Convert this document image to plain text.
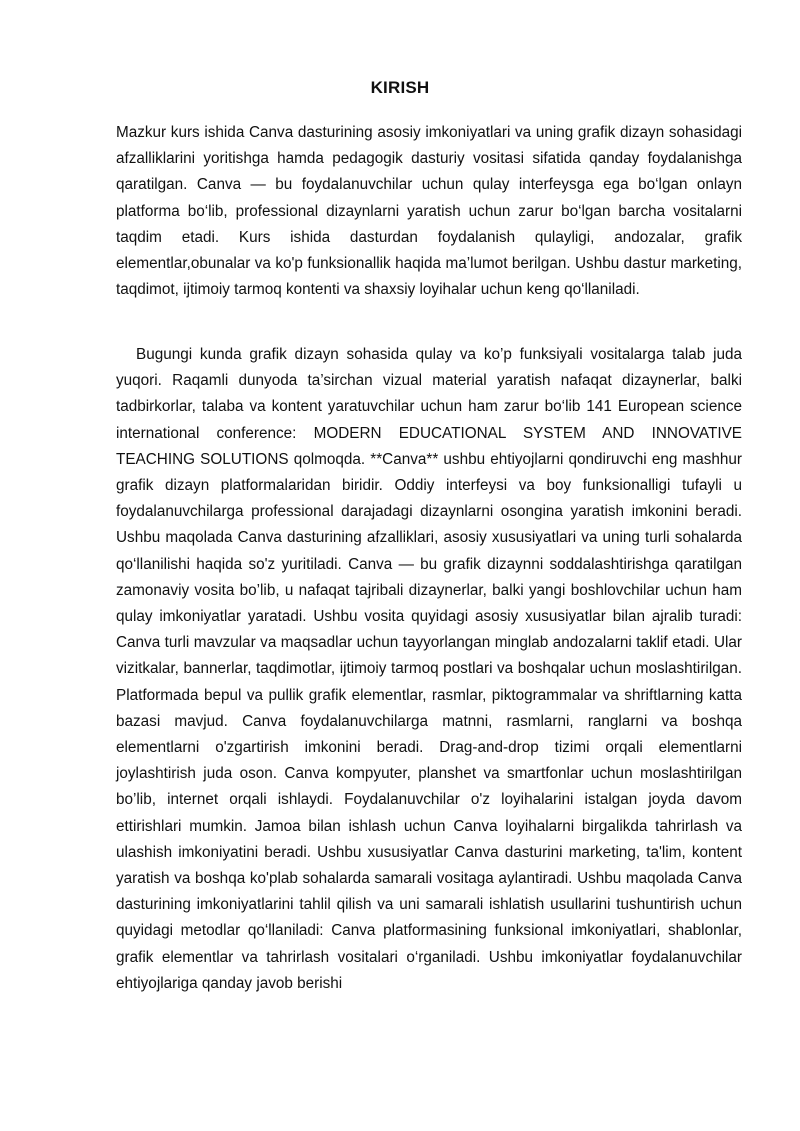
KIRISH

Mazkur kurs ishida Canva dasturining asosiy imkoniyatlari va uning grafik dizayn sohasidagi afzalliklarini yoritishga hamda pedagogik dasturiy vositasi sifatida qanday foydalanishga qaratilgan. Canva — bu foydalanuvchilar uchun qulay interfeysga ega bo‘lgan onlayn platforma bo‘lib, professional dizaynlarni yaratish uchun zarur bo‘lgan barcha vositalarni taqdim etadi. Kurs ishida dasturdan foydalanish qulayligi, andozalar, grafik elementlar,obunalar va ko'p funksionallik haqida ma’lumot berilgan. Ushbu dastur marketing, taqdimot, ijtimoiy tarmoq kontenti va shaxsiy loyihalar uchun keng qo‘llaniladi.

Bugungi kunda grafik dizayn sohasida qulay va ko’p funksiyali vositalarga talab juda yuqori. Raqamli dunyoda ta’sirchan vizual material yaratish nafaqat dizaynerlar, balki tadbirkorlar, talaba va kontent yaratuvchilar uchun ham zarur bo‘lib 141 European science international conference: MODERN EDUCATIONAL SYSTEM AND INNOVATIVE TEACHING SOLUTIONS qolmoqda. **Canva** ushbu ehtiyojlarni qondiruvchi eng mashhur grafik dizayn platformalaridan biridir. Oddiy interfeysi va boy funksionalligi tufayli u foydalanuvchilarga professional darajadagi dizaynlarni osongina yaratish imkonini beradi. Ushbu maqolada Canva dasturining afzalliklari, asosiy xususiyatlari va uning turli sohalarda qo‘llanilishi haqida so'z yuritiladi. Canva — bu grafik dizaynni soddalashtirishga qaratilgan zamonaviy vosita bo’lib, u nafaqat tajribali dizaynerlar, balki yangi boshlovchilar uchun ham qulay imkoniyatlar yaratadi. Ushbu vosita quyidagi asosiy xususiyatlar bilan ajralib turadi: Canva turli mavzular va maqsadlar uchun tayyorlangan minglab andozalarni taklif etadi. Ular vizitkalar, bannerlar, taqdimotlar, ijtimoiy tarmoq postlari va boshqalar uchun moslashtirilgan. Platformada bepul va pullik grafik elementlar, rasmlar, piktogrammalar va shriftlarning katta bazasi mavjud. Canva foydalanuvchilarga matnni, rasmlarni, ranglarni va boshqa elementlarni o'zgartirish imkonini beradi. Drag-and-drop tizimi orqali elementlarni joylashtirish juda oson. Canva kompyuter, planshet va smartfonlar uchun moslashtirilgan bo’lib, internet orqali ishlaydi. Foydalanuvchilar o'z loyihalarini istalgan joyda davom ettirishlari mumkin. Jamoa bilan ishlash uchun Canva loyihalarni birgalikda tahrirlash va ulashish imkoniyatini beradi. Ushbu xususiyatlar Canva dasturini marketing, ta'lim, kontent yaratish va boshqa ko'plab sohalarda samarali vositaga aylantiradi. Ushbu maqolada Canva dasturining imkoniyatlarini tahlil qilish va uni samarali ishlatish usullarini tushuntirish uchun quyidagi metodlar qo‘llaniladi: Canva platformasining funksional imkoniyatlari, shablonlar, grafik elementlar va tahrirlash vositalari o‘rganiladi. Ushbu imkoniyatlar foydalanuvchilar ehtiyojlariga qanday javob berishi
